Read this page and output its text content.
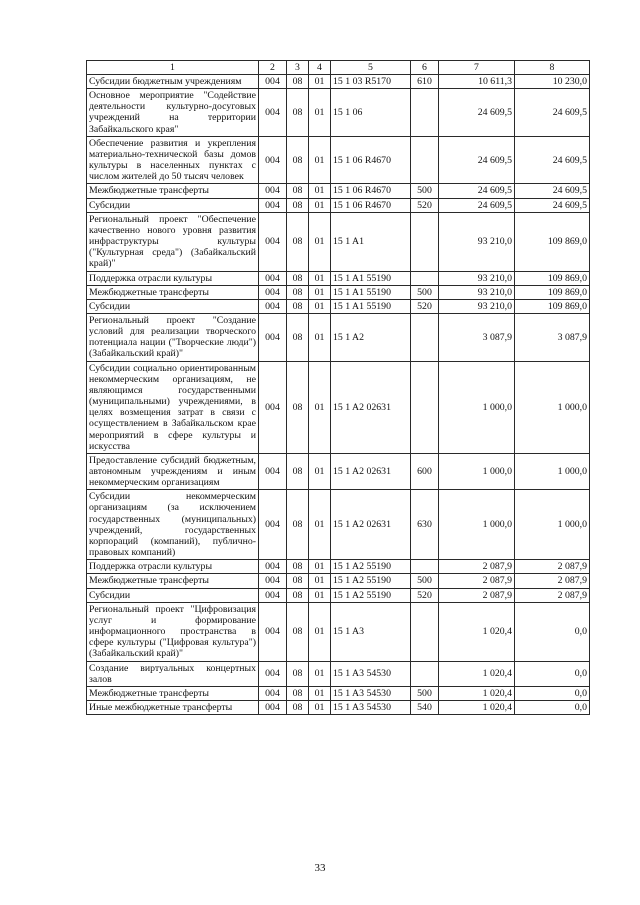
1	2	3	4	5	6	7	8
Субсидии бюджетным учреждениям	004	08	01	15 1 03 R5170	610	10 611,3	10 230,0
Основное мероприятие "Содействие деятельности культурно-досуговых учреждений на территории Забайкальского края"	004	08	01	15 1 06		24 609,5	24 609,5
Обеспечение развития и укрепления материально-технической базы домов культуры в населенных пунктах с числом жителей до 50 тысяч человек	004	08	01	15 1 06 R4670		24 609,5	24 609,5
Межбюджетные трансферты	004	08	01	15 1 06 R4670	500	24 609,5	24 609,5
Субсидии	004	08	01	15 1 06 R4670	520	24 609,5	24 609,5
Региональный проект "Обеспечение качественно нового уровня развития инфраструктуры культуры ("Культурная среда") (Забайкальский край)"	004	08	01	15 1 A1		93 210,0	109 869,0
Поддержка отрасли культуры	004	08	01	15 1 A1 55190		93 210,0	109 869,0
Межбюджетные трансферты	004	08	01	15 1 A1 55190	500	93 210,0	109 869,0
Субсидии	004	08	01	15 1 A1 55190	520	93 210,0	109 869,0
Региональный проект "Создание условий для реализации творческого потенциала нации ("Творческие люди") (Забайкальский край)"	004	08	01	15 1 A2		3 087,9	3 087,9
Субсидии социально ориентированным некоммерческим организациям, не являющимся государственными (муниципальными) учреждениями, в целях возмещения затрат в связи с осуществлением в Забайкальском крае мероприятий в сфере культуры и искусства	004	08	01	15 1 A2 02631		1 000,0	1 000,0
Предоставление субсидий бюджетным, автономным учреждениям и иным некоммерческим организациям	004	08	01	15 1 A2 02631	600	1 000,0	1 000,0
Субсидии некоммерческим организациям (за исключением государственных (муниципальных) учреждений, государственных корпораций (компаний), публично-правовых компаний)	004	08	01	15 1 A2 02631	630	1 000,0	1 000,0
Поддержка отрасли культуры	004	08	01	15 1 A2 55190		2 087,9	2 087,9
Межбюджетные трансферты	004	08	01	15 1 A2 55190	500	2 087,9	2 087,9
Субсидии	004	08	01	15 1 A2 55190	520	2 087,9	2 087,9
Региональный проект "Цифровизация услуг и формирование информационного пространства в сфере культуры ("Цифровая культура") (Забайкальский край)"	004	08	01	15 1 A3		1 020,4	0,0
Создание виртуальных концертных залов	004	08	01	15 1 A3 54530		1 020,4	0,0
Межбюджетные трансферты	004	08	01	15 1 A3 54530	500	1 020,4	0,0
Иные межбюджетные трансферты	004	08	01	15 1 A3 54530	540	1 020,4	0,0
33
